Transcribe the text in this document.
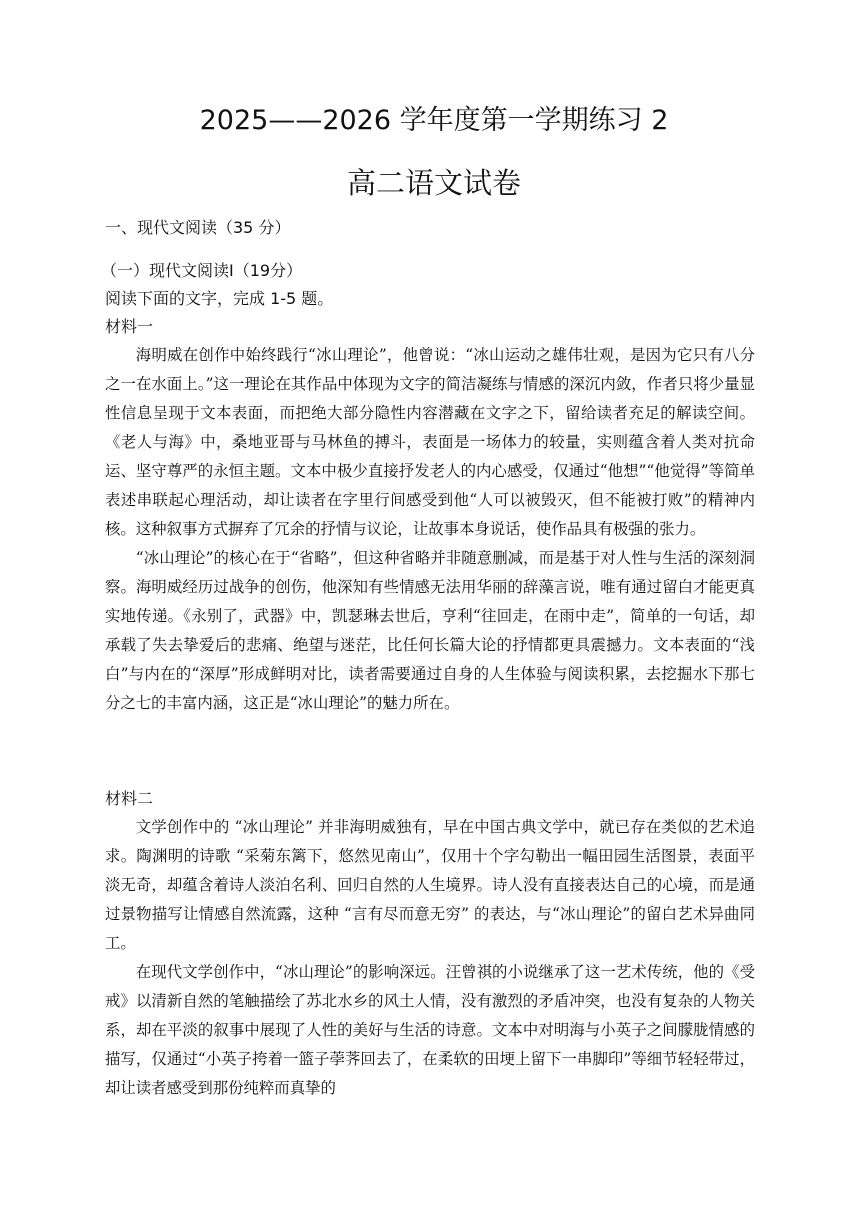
2025——2026 学年度第一学期练习 2
高二语文试卷
一、现代文阅读（35 分）
（一）现代文阅读Ⅰ（19分）
阅读下面的文字，完成 1-5 题。
材料一

海明威在创作中始终践行“冰山理论”，他曾说：“冰山运动之雄伟壮观，是因为它只有八分之一在水面上。”这一理论在其作品中体现为文字的简洁凝练与情感的深沉内敛，作者只将少量显性信息呈现于文本表面，而把绝大部分隐性内容潜藏在文字之下，留给读者充足的解读空间。《老人与海》中，桑地亚哥与马林鱼的搏斗，表面是一场体力的较量，实则蕴含着人类对抗命运、坚守尊严的永恒主题。文本中极少直接抒发老人的内心感受，仅通过“他想”“他觉得”等简单表述串联起心理活动，却让读者在字里行间感受到他“人可以被毁灭，但不能被打败”的精神内核。这种叙事方式摒弃了冗余的抒情与议论，让故事本身说话，使作品具有极强的张力。

“冰山理论”的核心在于“省略”，但这种省略并非随意删减，而是基于对人性与生活的深刻洞察。海明威经历过战争的创伤，他深知有些情感无法用华丽的辞藻言说，唯有通过留白才能更真实地传递。《永别了，武器》中，凯瑟琳去世后，亨利“往回走，在雨中走”，简单的一句话，却承载了失去挚爱后的悲痛、绝望与迷茫，比任何长篇大论的抒情都更具震撼力。文本表面的“浅白”与内在的“深厚”形成鲜明对比，读者需要通过自身的人生体验与阅读积累，去挖掘水下那七分之七的丰富内涵，这正是“冰山理论”的魅力所在。

材料二

文学创作中的 “冰山理论” 并非海明威独有，早在中国古典文学中，就已存在类似的艺术追求。陶渊明的诗歌 “采菊东篱下，悠然见南山”，仅用十个字勾勒出一幅田园生活图景，表面平淡无奇，却蕴含着诗人淡泊名利、回归自然的人生境界。诗人没有直接表达自己的心境，而是通过景物描写让情感自然流露，这种 “言有尽而意无穷” 的表达，与“冰山理论”的留白艺术异曲同工。

在现代文学创作中，“冰山理论”的影响深远。汪曾祺的小说继承了这一艺术传统，他的《受戒》以清新自然的笔触描绘了苏北水乡的风土人情，没有激烈的矛盾冲突，也没有复杂的人物关系，却在平淡的叙事中展现了人性的美好与生活的诗意。文本中对明海与小英子之间朦胧情感的描写，仅通过“小英子挎着一篮子荸荠回去了，在柔软的田埂上留下一串脚印”等细节轻轻带过，却让读者感受到那份纯粹而真挚的
